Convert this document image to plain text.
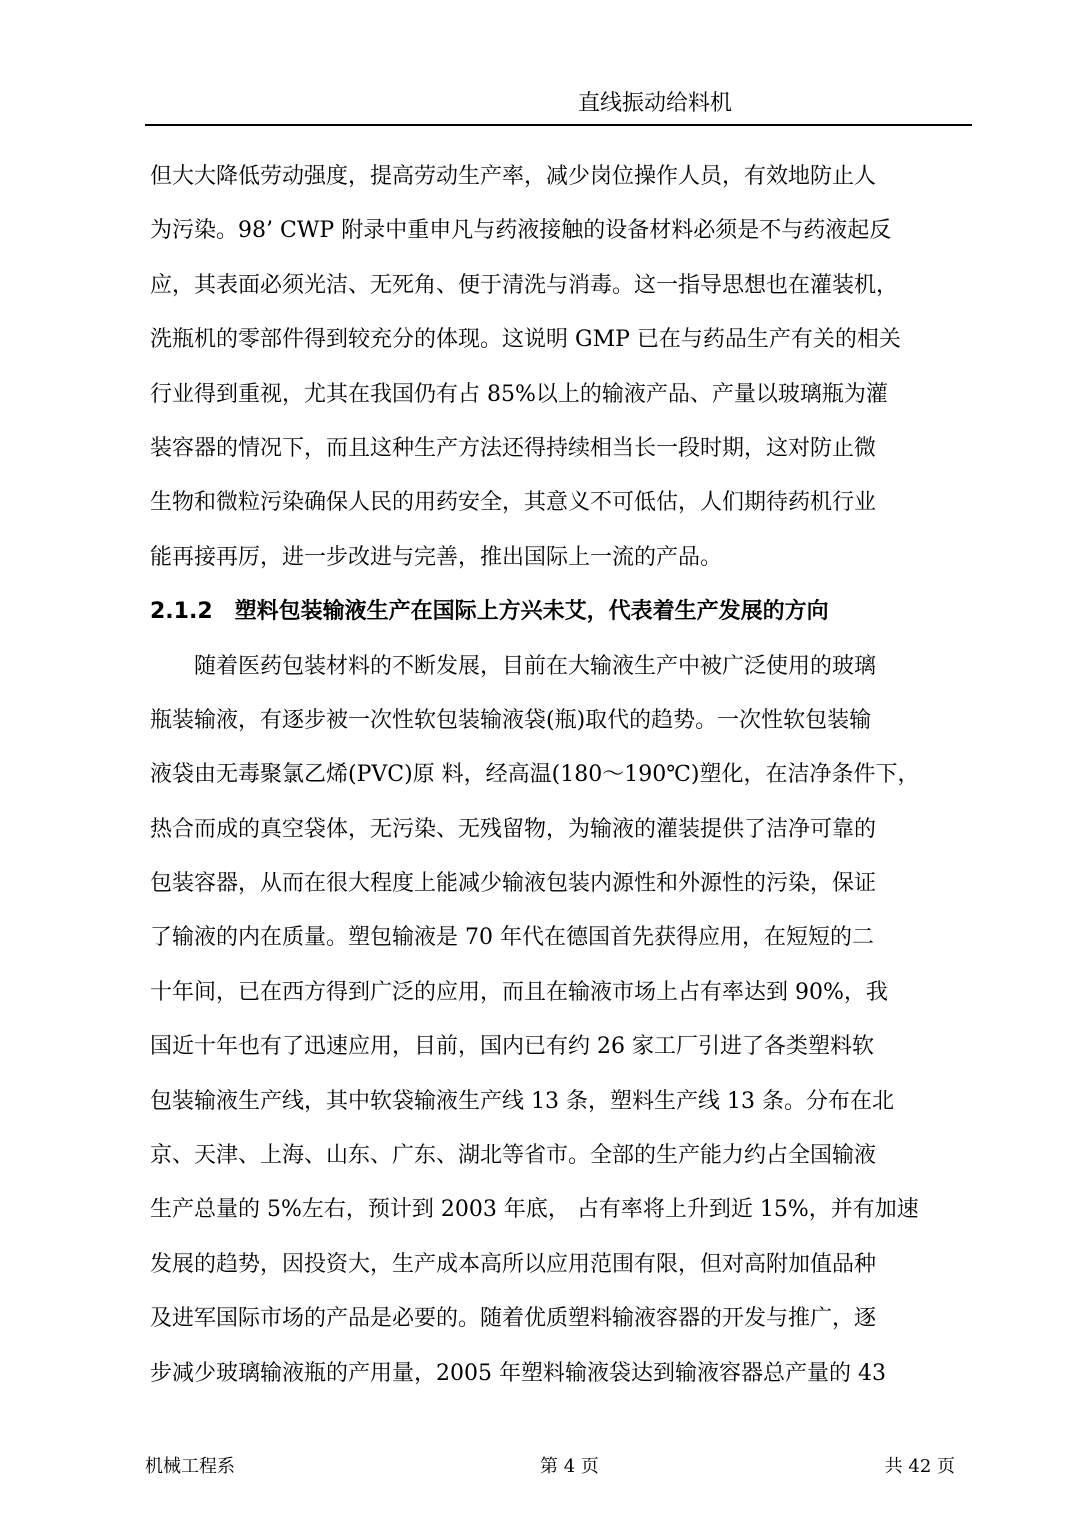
直线振动给料机
但大大降低劳动强度，提高劳动生产率，减少岗位操作人员，有效地防止人
为污染。98’ CWP 附录中重申凡与药液接触的设备材料必须是不与药液起反
应，其表面必须光洁、无死角、便于清洗与消毒。这一指导思想也在灌装机，
洗瓶机的零部件得到较充分的体现。这说明 GMP 已在与药品生产有关的相关
行业得到重视，尤其在我国仍有占 85%以上的输液产品、产量以玻璃瓶为灌
装容器的情况下，而且这种生产方法还得持续相当长一段时期，这对防止微
生物和微粒污染确保人民的用药安全，其意义不可低估，人们期待药机行业
能再接再厉，进一步改进与完善，推出国际上一流的产品。
2.1.2　塑料包装输液生产在国际上方兴未艾，代表着生产发展的方向
随着医药包装材料的不断发展，目前在大输液生产中被广泛使用的玻璃
瓶装输液，有逐步被一次性软包装输液袋(瓶)取代的趋势。一次性软包装输
液袋由无毒聚氯乙烯(PVC)原 料，经高温(180～190℃)塑化，在洁净条件下，
热合而成的真空袋体，无污染、无残留物，为输液的灌装提供了洁净可靠的
包装容器，从而在很大程度上能减少输液包装内源性和外源性的污染，保证
了输液的内在质量。塑包输液是 70 年代在德国首先获得应用，在短短的二
十年间，已在西方得到广泛的应用，而且在输液市场上占有率达到 90%，我
国近十年也有了迅速应用，目前，国内已有约 26 家工厂引进了各类塑料软
包装输液生产线，其中软袋输液生产线 13 条，塑料生产线 13 条。分布在北
京、天津、上海、山东、广东、湖北等省市。全部的生产能力约占全国输液
生产总量的 5%左右，预计到 2003 年底， 占有率将上升到近 15%，并有加速
发展的趋势，因投资大，生产成本高所以应用范围有限，但对高附加值品种
及进军国际市场的产品是必要的。随着优质塑料输液容器的开发与推广，逐
步减少玻璃输液瓶的产用量，2005 年塑料输液袋达到输液容器总产量的 43
机械工程系	第 4 页	共 42 页
